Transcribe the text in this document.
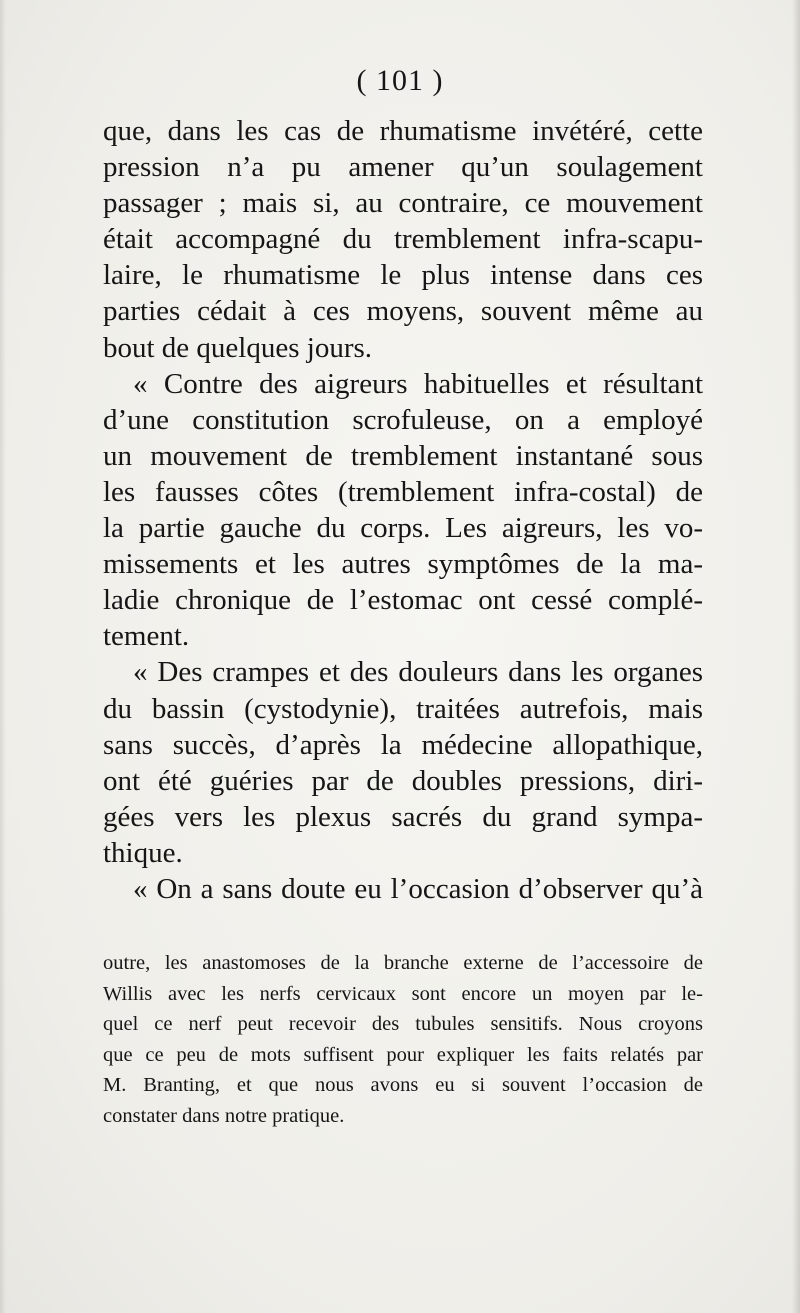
( 101 )
que, dans les cas de rhumatisme invétéré, cette
pression n’a pu amener qu’un soulagement
passager ; mais si, au contraire, ce mouvement
était accompagné du tremblement infra-scapu-
laire, le rhumatisme le plus intense dans ces
parties cédait à ces moyens, souvent même au
bout de quelques jours.
« Contre des aigreurs habituelles et résultant
d’une constitution scrofuleuse, on a employé
un mouvement de tremblement instantané sous
les fausses côtes (tremblement infra-costal) de
la partie gauche du corps. Les aigreurs, les vo-
missements et les autres symptômes de la ma-
ladie chronique de l’estomac ont cessé complé-
tement.
« Des crampes et des douleurs dans les organes
du bassin (cystodynie), traitées autrefois, mais
sans succès, d’après la médecine allopathique,
ont été guéries par de doubles pressions, diri-
gées vers les plexus sacrés du grand sympa-
thique.
« On a sans doute eu l’occasion d’observer qu’à
outre, les anastomoses de la branche externe de l’accessoire de
Willis avec les nerfs cervicaux sont encore un moyen par le-
quel ce nerf peut recevoir des tubules sensitifs. Nous croyons
que ce peu de mots suffisent pour expliquer les faits relatés par
M. Branting, et que nous avons eu si souvent l’occasion de
constater dans notre pratique.
